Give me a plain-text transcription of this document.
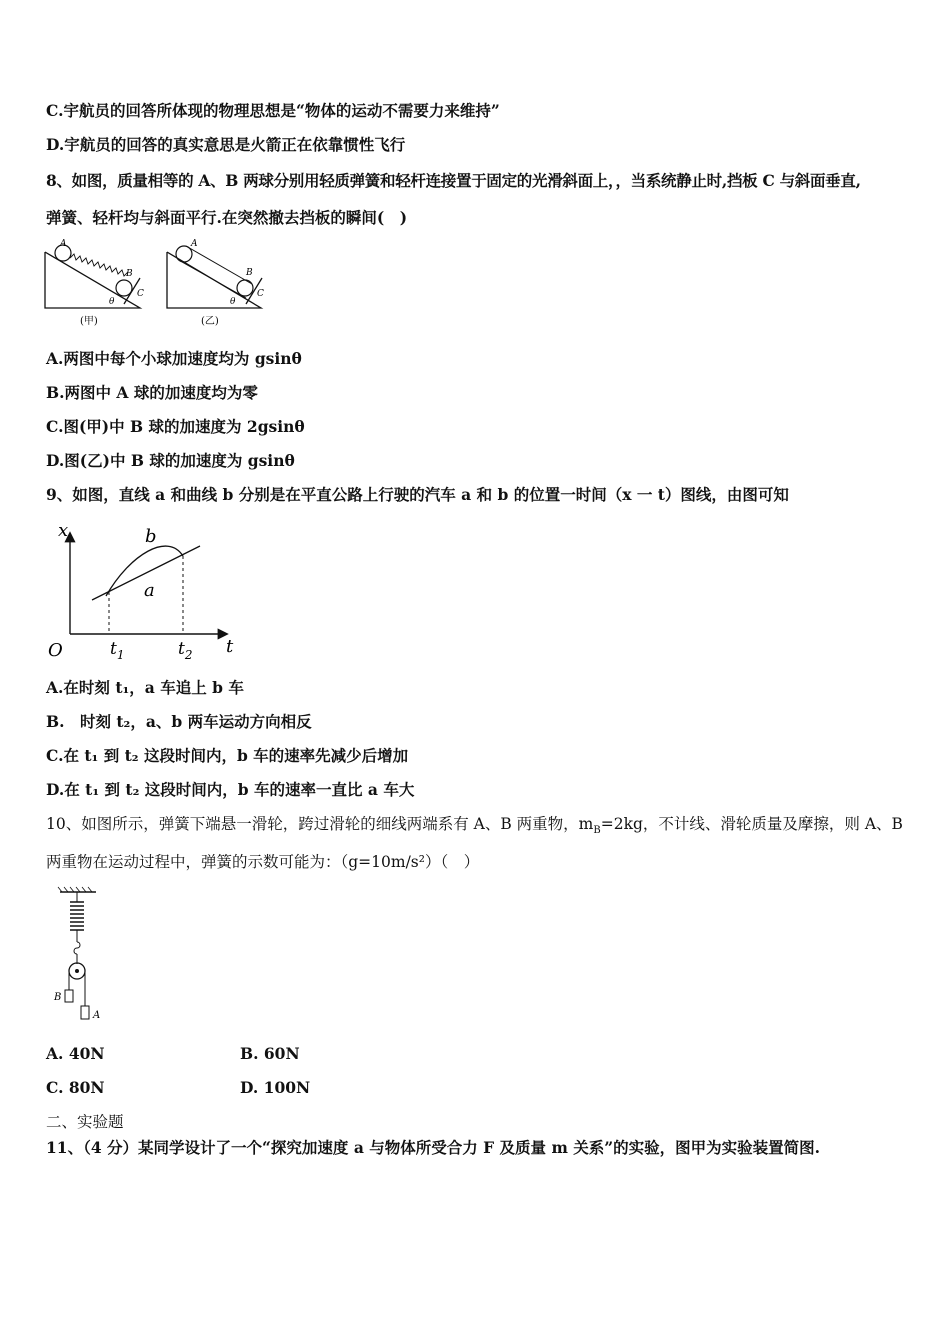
C.宇航员的回答所体现的物理思想是“物体的运动不需要力来维持”
D.宇航员的回答的真实意思是火箭正在依靠惯性飞行
8、如图，质量相等的 A、B 两球分别用轻质弹簧和轻杆连接置于固定的光滑斜面上，，当系统静止时,挡板 C 与斜面垂直,
弹簧、轻杆均与斜面平行.在突然撤去挡板的瞬间(　)
A
B
C
θ
(甲)
A
B
C
θ
(乙)
A.两图中每个小球加速度均为 gsinθ
B.两图中 A 球的加速度均为零
C.图(甲)中 B 球的加速度为 2gsinθ
D.图(乙)中 B 球的加速度为 gsinθ
9、如图，直线 a 和曲线 b 分别是在平直公路上行驶的汽车 a 和 b 的位置一时间（x 一 t）图线，由图可知
x
t
O
b
a
$t_1$	$t_2$
A.在时刻 t₁，a 车追上 b 车
B.　时刻 t₂，a、b 两车运动方向相反
C.在 t₁ 到 t₂ 这段时间内，b 车的速率先减少后增加
D.在 t₁ 到 t₂ 这段时间内，b 车的速率一直比 a 车大
10、如图所示，弹簧下端悬一滑轮，跨过滑轮的细线两端系有 A、B 两重物，$m_B=2kg$，不计线、滑轮质量及摩擦，则 A、B
两重物在运动过程中，弹簧的示数可能为：（g=10m/s²）（　）
B
A
A. 40N	B. 60N
C. 80N	D. 100N
二、实验题
11、（4 分）某同学设计了一个“探究加速度 a 与物体所受合力 F 及质量 m 关系”的实验，图甲为实验装置简图.
